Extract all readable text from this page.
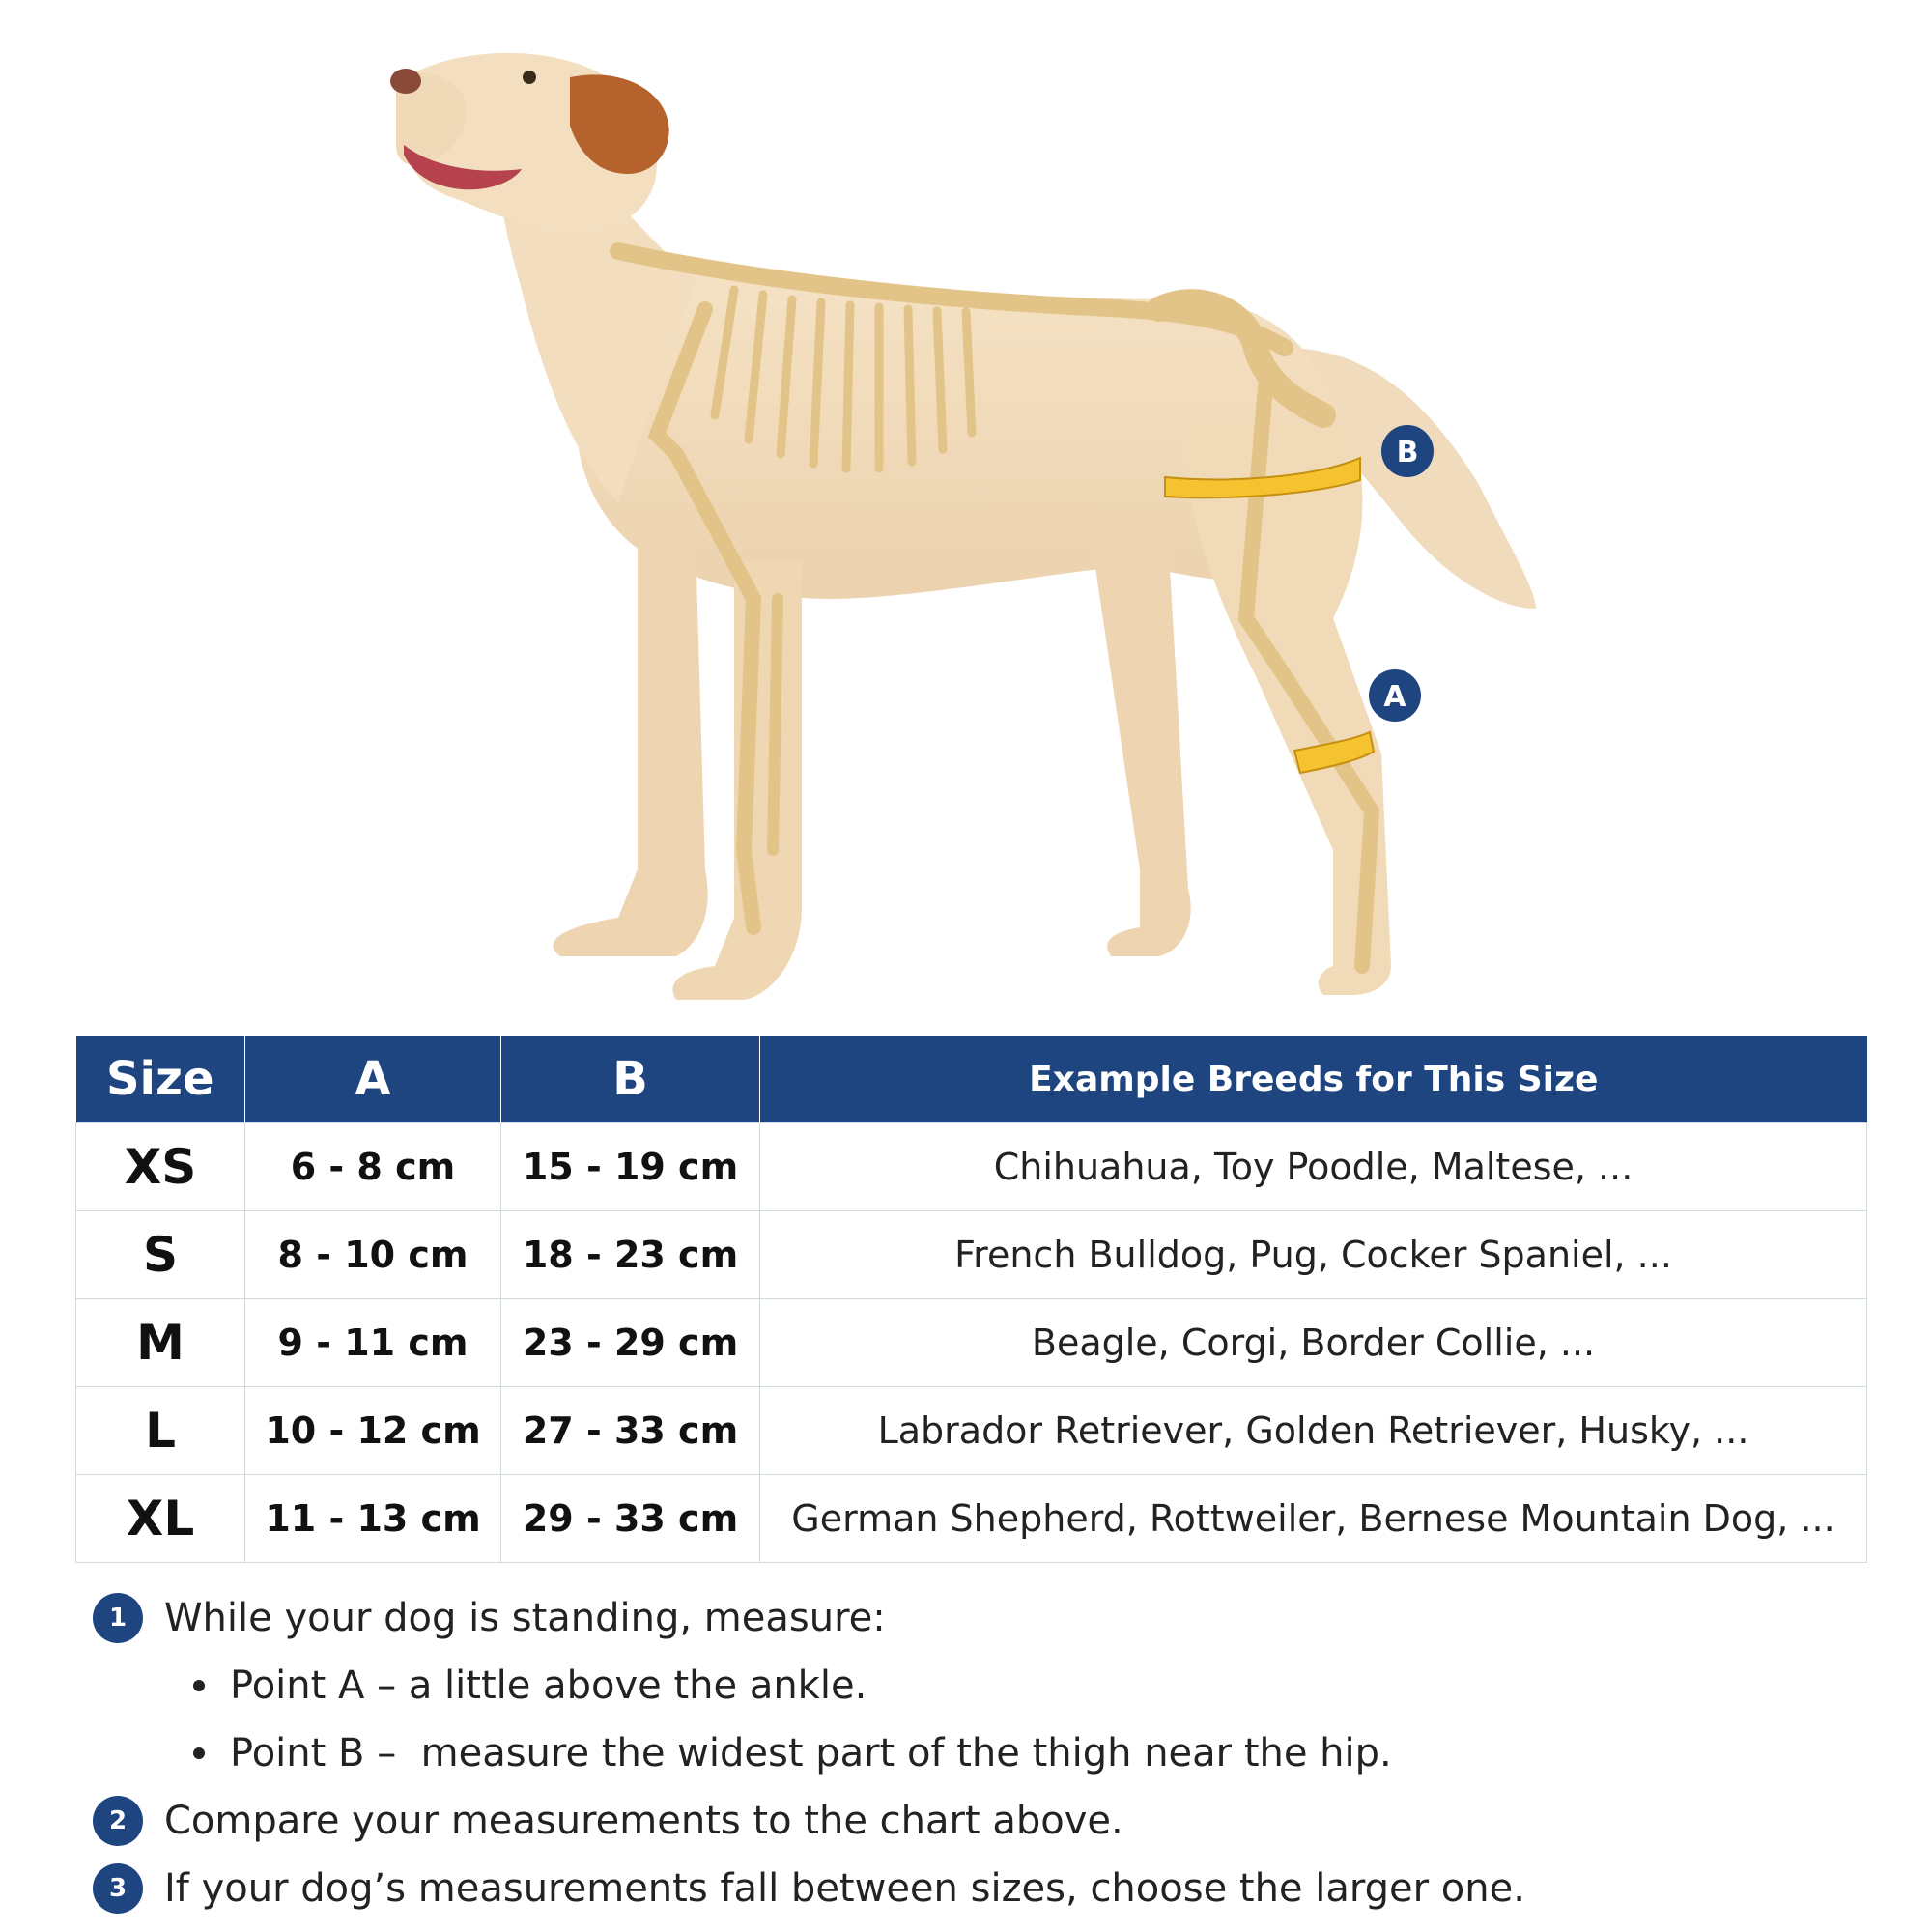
B
A
Size	A	B	Example Breeds for This Size
XS	6 - 8 cm	15 - 19 cm	Chihuahua, Toy Poodle, Maltese, ...
S	8 - 10 cm	18 - 23 cm	French Bulldog, Pug, Cocker Spaniel, ...
M	9 - 11 cm	23 - 29 cm	Beagle, Corgi, Border Collie, ...
L	10 - 12 cm	27 - 33 cm	Labrador Retriever, Golden Retriever, Husky, ...
XL	11 - 13 cm	29 - 33 cm	German Shepherd, Rottweiler, Bernese Mountain Dog, ...
1 While your dog is standing, measure:
Point A – a little above the ankle.
Point B –  measure the widest part of the thigh near the hip.
2 Compare your measurements to the chart above.
3 If your dog’s measurements fall between sizes, choose the larger one.
